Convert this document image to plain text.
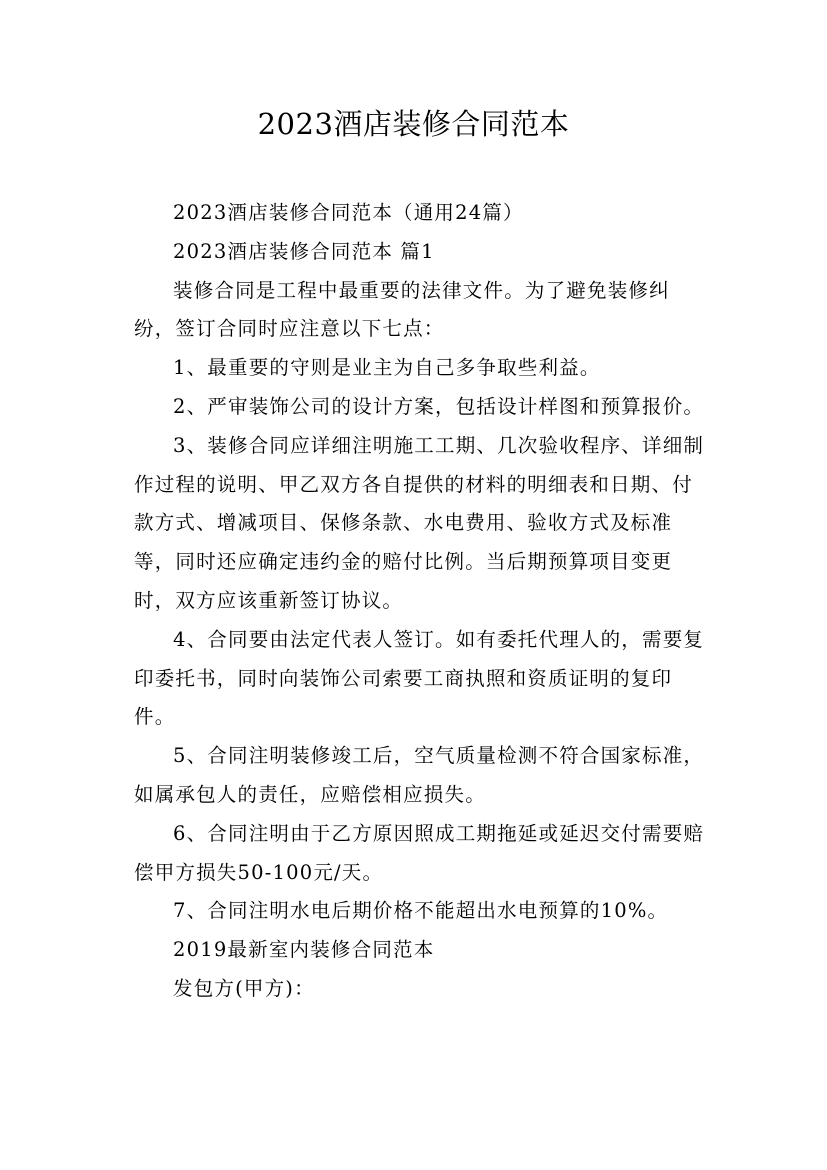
2023酒店装修合同范本

2023酒店装修合同范本（通用24篇）

2023酒店装修合同范本 篇1

装修合同是工程中最重要的法律文件。为了避免装修纠纷，签订合同时应注意以下七点：

1、最重要的守则是业主为自己多争取些利益。

2、严审装饰公司的设计方案，包括设计样图和预算报价。

3、装修合同应详细注明施工工期、几次验收程序、详细制作过程的说明、甲乙双方各自提供的材料的明细表和日期、付款方式、增减项目、保修条款、水电费用、验收方式及标准等，同时还应确定违约金的赔付比例。当后期预算项目变更时，双方应该重新签订协议。

4、合同要由法定代表人签订。如有委托代理人的，需要复印委托书，同时向装饰公司索要工商执照和资质证明的复印件。

5、合同注明装修竣工后，空气质量检测不符合国家标准，如属承包人的责任，应赔偿相应损失。

6、合同注明由于乙方原因照成工期拖延或延迟交付需要赔偿甲方损失50-100元/天。

7、合同注明水电后期价格不能超出水电预算的10%。

2019最新室内装修合同范本

发包方(甲方)：
